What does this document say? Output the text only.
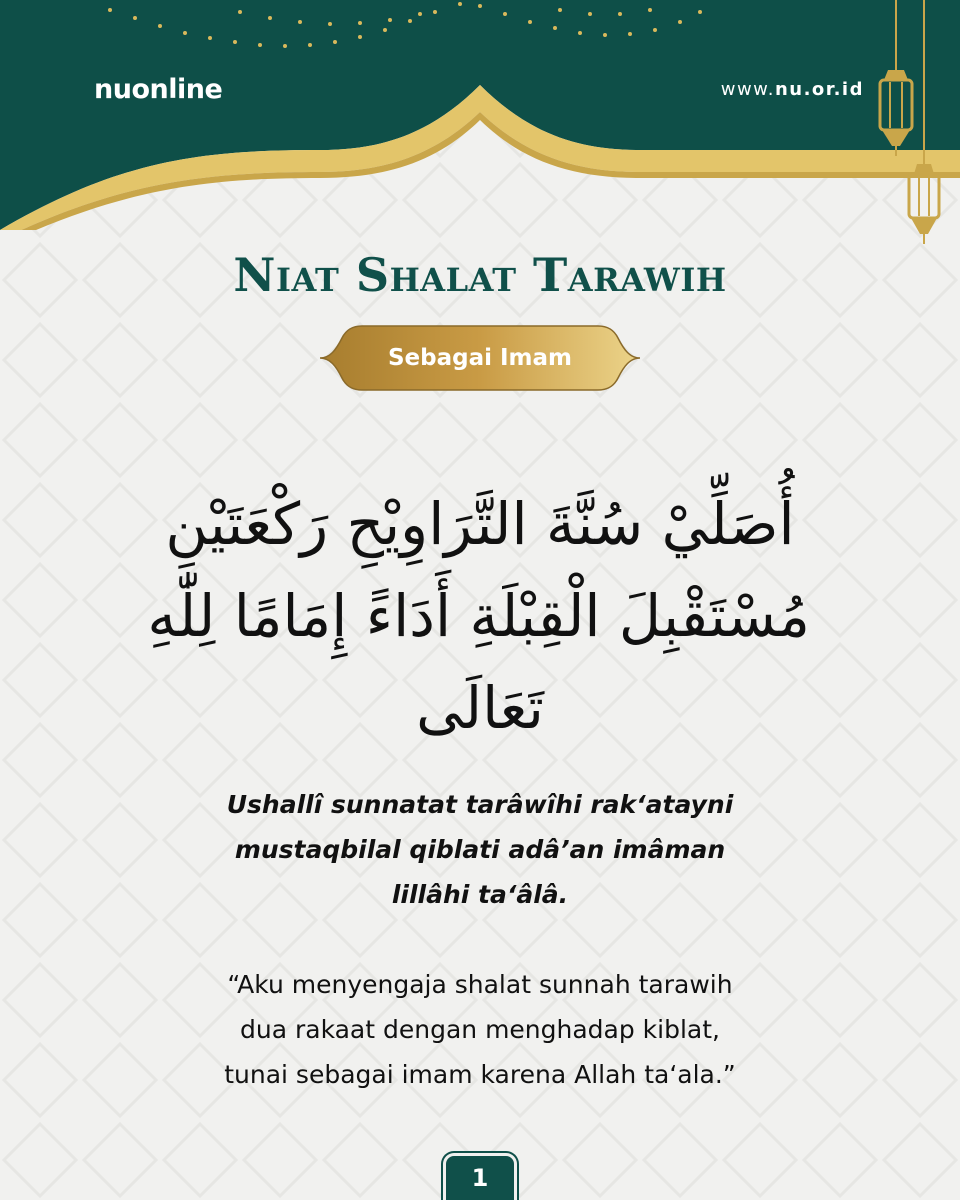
nuonline	www.nu.or.id
Niat Shalat Tarawih
Sebagai Imam
أُصَلِّيْ سُنَّةَ التَّرَاوِيْحِ رَكْعَتَيْنِ
مُسْتَقْبِلَ الْقِبْلَةِ أَدَاءً إِمَامًا لِلّٰهِ
تَعَالَى
Ushallî sunnatat tarâwîhi rak‘atayni
mustaqbilal qiblati adâ’an imâman
lillâhi ta‘âlâ.
“Aku menyengaja shalat sunnah tarawih
dua rakaat dengan menghadap kiblat,
tunai sebagai imam karena Allah ta‘ala.”
1
